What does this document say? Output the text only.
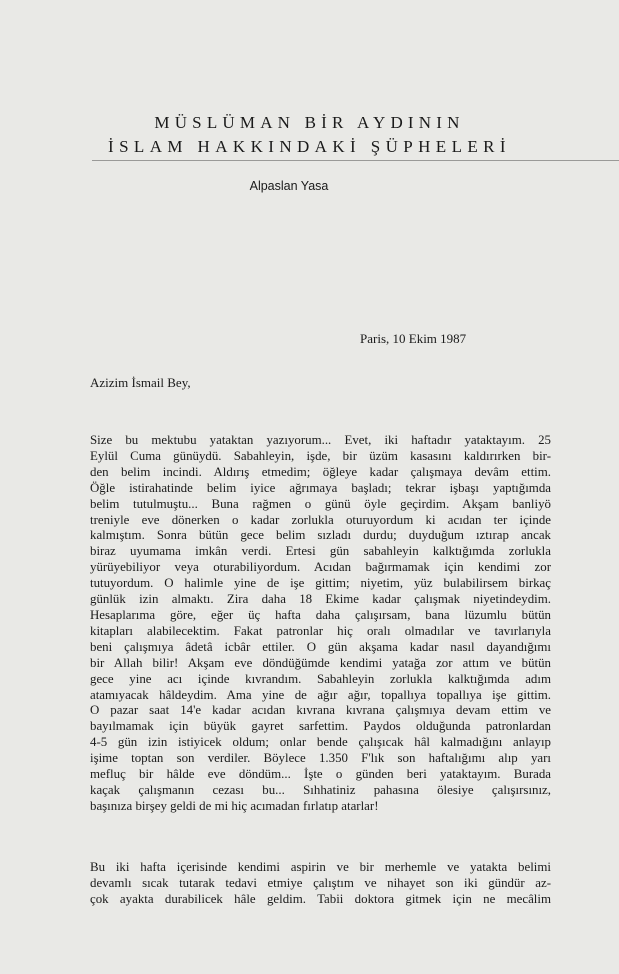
MÜSLÜMAN BİR AYDININ
İSLAM HAKKINDAKİ ŞÜPHELERİ
Alpaslan Yasa
Paris, 10 Ekim 1987
Azizim İsmail Bey,
Size bu mektubu yataktan yazıyorum... Evet, iki haftadır yataktayım. 25
Eylül Cuma günüydü. Sabahleyin, işde, bir üzüm kasasını kaldırırken bir-
den belim incindi. Aldırış etmedim; öğleye kadar çalışmaya devâm ettim.
Öğle istirahatinde belim iyice ağrımaya başladı; tekrar işbaşı yaptığımda
belim tutulmuştu... Buna rağmen o günü öyle geçirdim. Akşam banliyö
treniyle eve dönerken o kadar zorlukla oturuyordum ki acıdan ter içinde
kalmıştım. Sonra bütün gece belim sızladı durdu; duyduğum ıztırap ancak
biraz uyumama imkân verdi. Ertesi gün sabahleyin kalktığımda zorlukla
yürüyebiliyor veya oturabiliyordum. Acıdan bağırmamak için kendimi zor
tutuyordum. O halimle yine de işe gittim; niyetim, yüz bulabilirsem birkaç
günlük izin almaktı. Zira daha 18 Ekime kadar çalışmak niyetindeydim.
Hesaplarıma göre, eğer üç hafta daha çalışırsam, bana lüzumlu bütün
kitapları alabilecektim. Fakat patronlar hiç oralı olmadılar ve tavırlarıyla
beni çalışmıya âdetâ icbâr ettiler. O gün akşama kadar nasıl dayandığımı
bir Allah bilir! Akşam eve döndüğümde kendimi yatağa zor attım ve bütün
gece yine acı içinde kıvrandım. Sabahleyin zorlukla kalktığımda adım
atamıyacak hâldeydim. Ama yine de ağır ağır, topallıya topallıya işe gittim.
O pazar saat 14'e kadar acıdan kıvrana kıvrana çalışmıya devam ettim ve
bayılmamak için büyük gayret sarfettim. Paydos olduğunda patronlardan
4-5 gün izin istiyicek oldum; onlar bende çalışıcak hâl kalmadığını anlayıp
işime toptan son verdiler. Böylece 1.350 F'lık son haftalığımı alıp yarı
mefluç bir hâlde eve döndüm... İşte o günden beri yataktayım. Burada
kaçak çalışmanın cezası bu... Sıhhatiniz pahasına ölesiye çalışırsınız,
başınıza birşey geldi de mi hiç acımadan fırlatıp atarlar!
Bu iki hafta içerisinde kendimi aspirin ve bir merhemle ve yatakta belimi
devamlı sıcak tutarak tedavi etmiye çalıştım ve nihayet son iki gündür az-
çok ayakta durabilicek hâle geldim. Tabii doktora gitmek için ne mecâlim
